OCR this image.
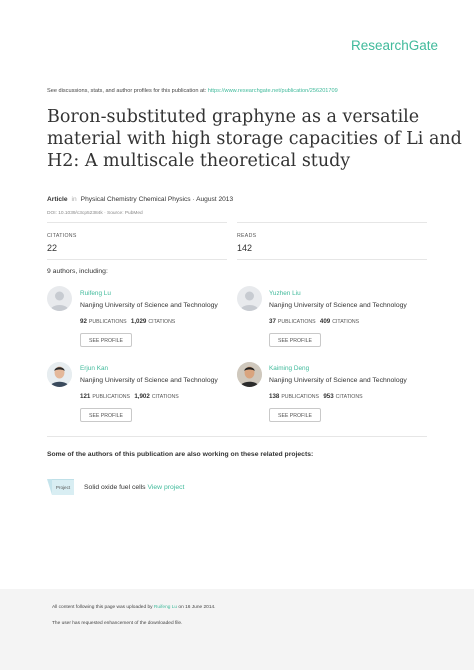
ResearchGate
See discussions, stats, and author profiles for this publication at: https://www.researchgate.net/publication/256201709
Boron-substituted graphyne as a versatile
material with high storage capacities of Li and
H2: A multiscale theoretical study
Article in Physical Chemistry Chemical Physics · August 2013
DOI: 10.1039/c3cp52384k · Source: PubMed
CITATIONS
22
READS
142
9 authors, including:
Ruifeng Lu
Nanjing University of Science and Technology
92 PUBLICATIONS 1,029 CITATIONS
SEE PROFILE
Yuzhen Liu
Nanjing University of Science and Technology
37 PUBLICATIONS 409 CITATIONS
SEE PROFILE
Erjun Kan
Nanjing University of Science and Technology
121 PUBLICATIONS 1,902 CITATIONS
SEE PROFILE
Kaiming Deng
Nanjing University of Science and Technology
138 PUBLICATIONS 953 CITATIONS
SEE PROFILE
Some of the authors of this publication are also working on these related projects:
Project	Solid oxide fuel cells View project
All content following this page was uploaded by Ruifeng Lu on 16 June 2014.
The user has requested enhancement of the downloaded file.
